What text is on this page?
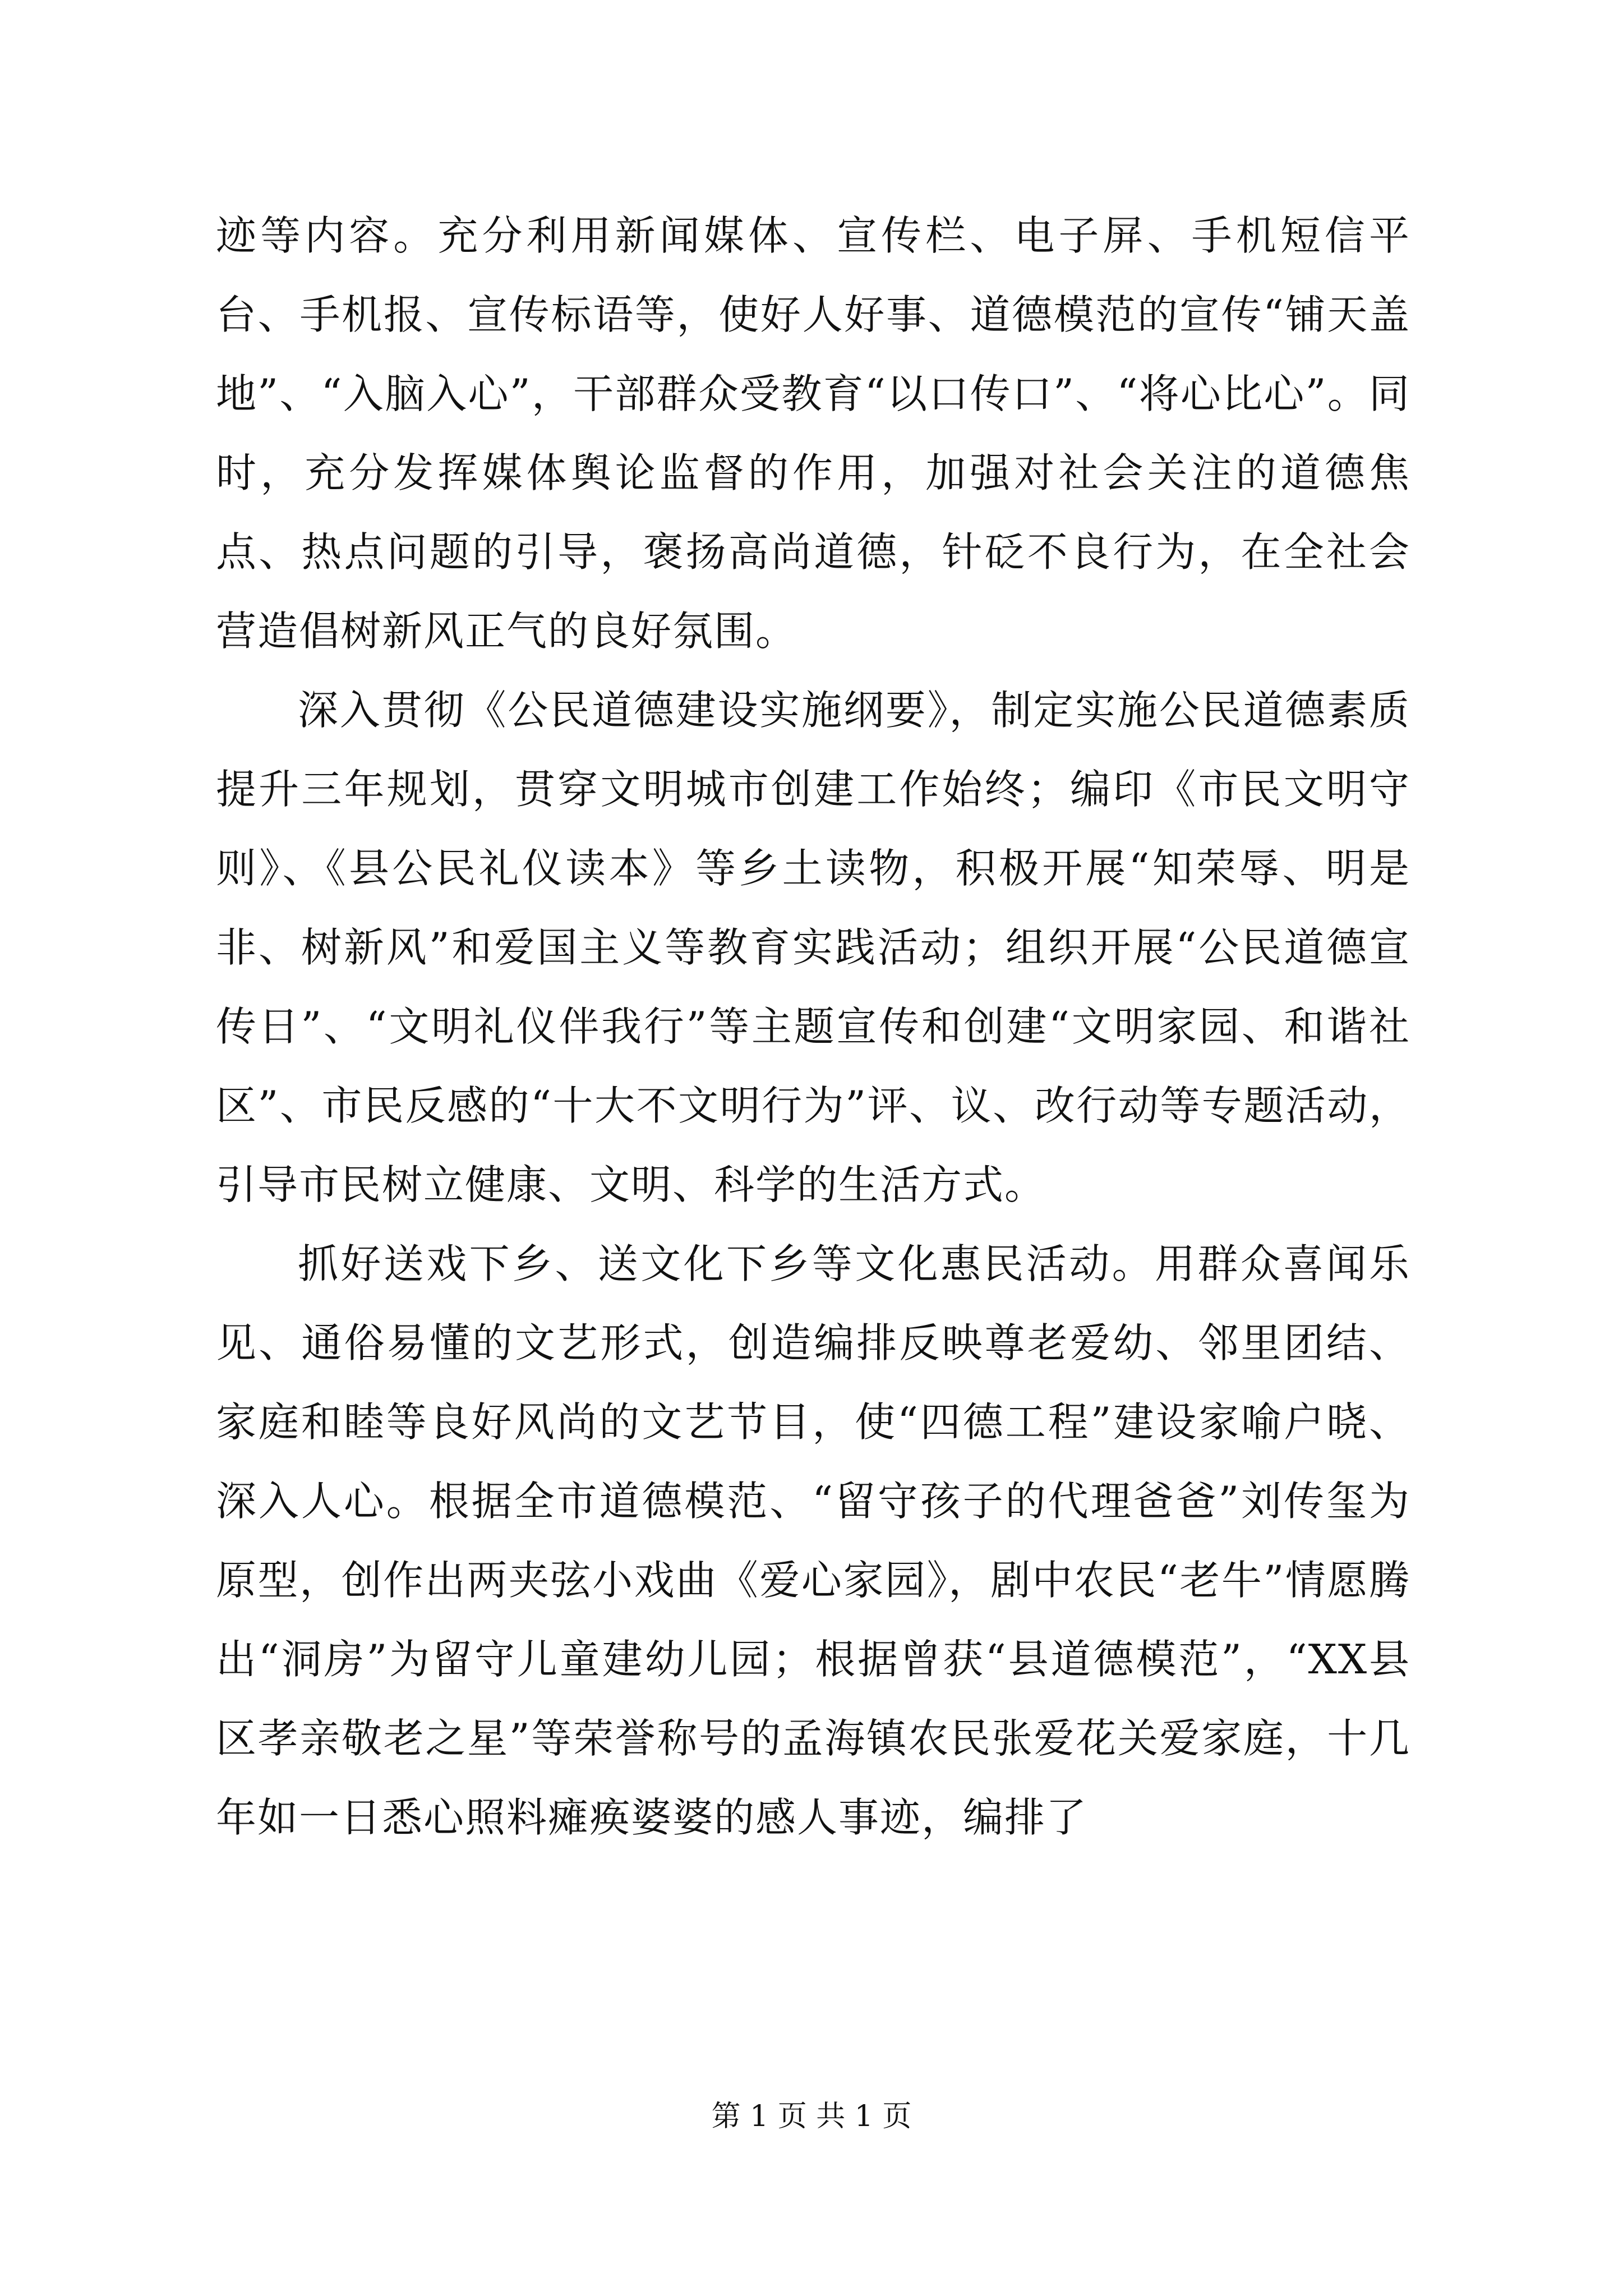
迹等内容。充分利用新闻媒体、宣传栏、电子屏、手机短信平台、手机报、宣传标语等，使好人好事、道德模范的宣传“铺天盖地”、“入脑入心”，干部群众受教育“以口传口”、“将心比心”。同时，充分发挥媒体舆论监督的作用，加强对社会关注的道德焦点、热点问题的引导，褒扬高尚道德，针砭不良行为，在全社会营造倡树新风正气的良好氛围。

深入贯彻《公民道德建设实施纲要》，制定实施公民道德素质提升三年规划，贯穿文明城市创建工作始终；编印《市民文明守则》、《县公民礼仪读本》等乡土读物，积极开展“知荣辱、明是非、树新风”和爱国主义等教育实践活动；组织开展“公民道德宣传日”、“文明礼仪伴我行”等主题宣传和创建“文明家园、和谐社区”、市民反感的“十大不文明行为”评、议、改行动等专题活动，引导市民树立健康、文明、科学的生活方式。

抓好送戏下乡、送文化下乡等文化惠民活动。用群众喜闻乐见、通俗易懂的文艺形式，创造编排反映尊老爱幼、邻里团结、家庭和睦等良好风尚的文艺节目，使“四德工程”建设家喻户晓、深入人心。根据全市道德模范、“留守孩子的代理爸爸”刘传玺为原型，创作出两夹弦小戏曲《爱心家园》，剧中农民“老牛”情愿腾出“洞房”为留守儿童建幼儿园；根据曾获“县道德模范”，“XX县区孝亲敬老之星”等荣誉称号的孟海镇农民张爱花关爱家庭，十几年如一日悉心照料瘫痪婆婆的感人事迹，编排了

第 1 页 共 1 页
